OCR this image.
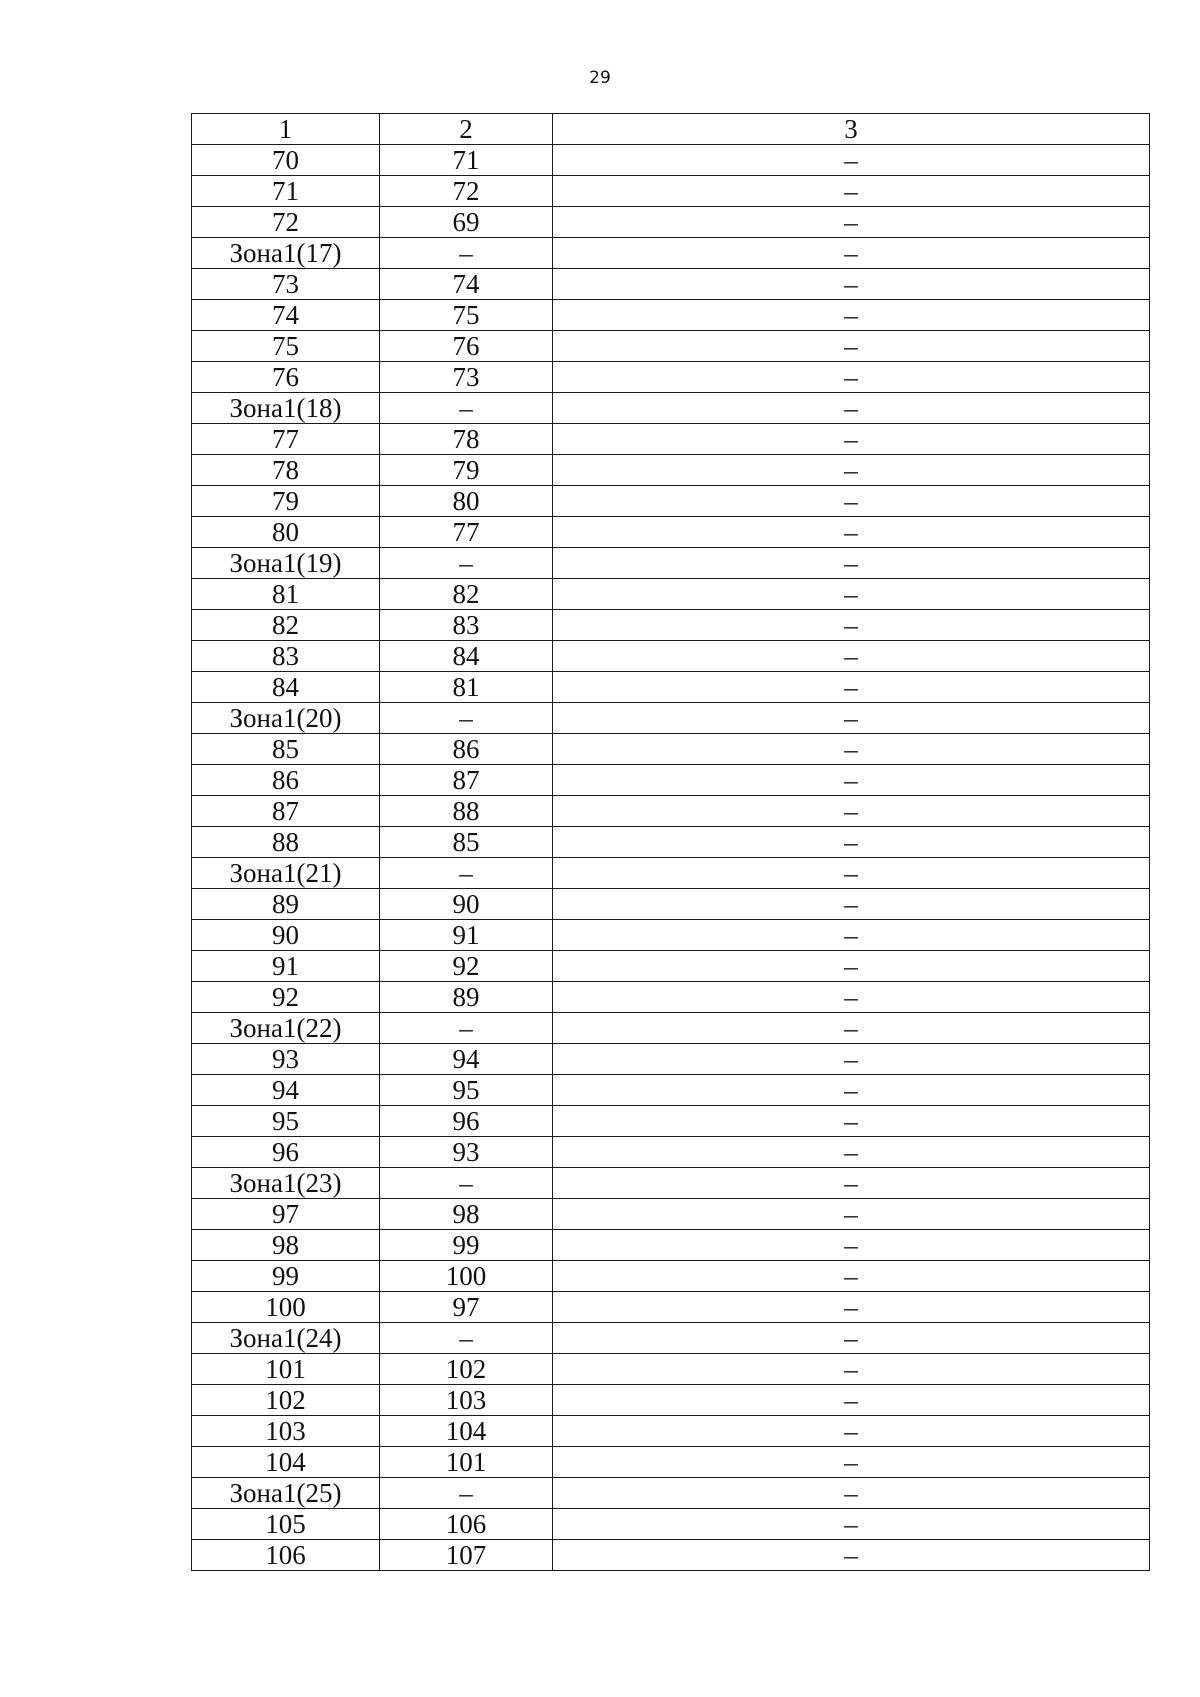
29
1	2	3
70	71	–
71	72	–
72	69	–
Зона1(17)	–	–
73	74	–
74	75	–
75	76	–
76	73	–
Зона1(18)	–	–
77	78	–
78	79	–
79	80	–
80	77	–
Зона1(19)	–	–
81	82	–
82	83	–
83	84	–
84	81	–
Зона1(20)	–	–
85	86	–
86	87	–
87	88	–
88	85	–
Зона1(21)	–	–
89	90	–
90	91	–
91	92	–
92	89	–
Зона1(22)	–	–
93	94	–
94	95	–
95	96	–
96	93	–
Зона1(23)	–	–
97	98	–
98	99	–
99	100	–
100	97	–
Зона1(24)	–	–
101	102	–
102	103	–
103	104	–
104	101	–
Зона1(25)	–	–
105	106	–
106	107	–
